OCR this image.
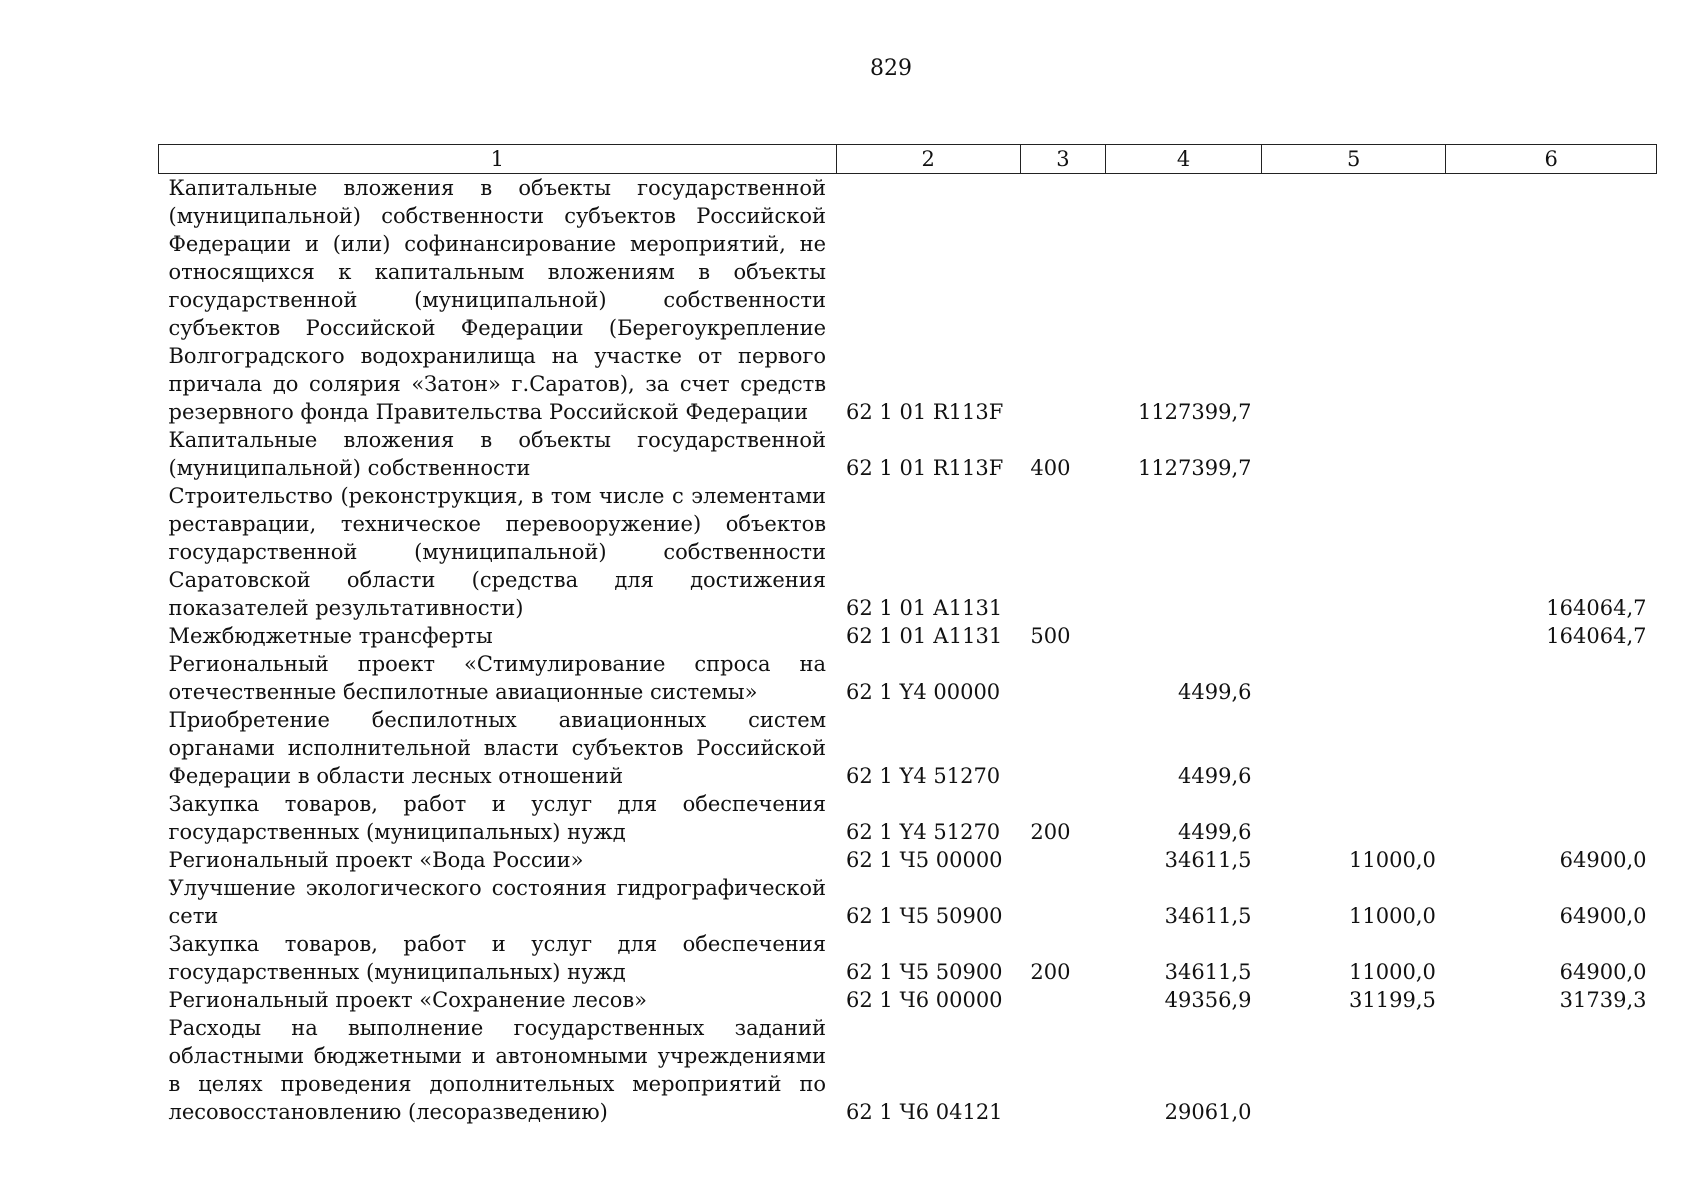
829
1	2	3	4	5	6
Капитальные вложения в объекты государственной (муниципальной) собственности субъектов Российской Федерации и (или) софинансирование мероприятий, не относящихся к капитальным вложениям в объекты государственной (муниципальной) собственности субъектов Российской Федерации (Берегоукрепление Волгоградского водохранилища на участке от первого причала до солярия «Затон» г.Саратов), за счет средств резервного фонда Правительства Российской Федерации	62 1 01 R113F		1127399,7		
Капитальные вложения в объекты государственной (муниципальной) собственности	62 1 01 R113F	400	1127399,7		
Строительство (реконструкция, в том числе с элементами реставрации, техническое перевооружение) объектов государственной (муниципальной) собственности Саратовской области (средства для достижения показателей результативности)	62 1 01 А1131				164064,7
Межбюджетные трансферты	62 1 01 А1131	500			164064,7
Региональный проект «Стимулирование спроса на отечественные беспилотные авиационные системы»	62 1 Y4 00000		4499,6		
Приобретение беспилотных авиационных систем органами исполнительной власти субъектов Российской Федерации в области лесных отношений	62 1 Y4 51270		4499,6		
Закупка товаров, работ и услуг для обеспечения государственных (муниципальных) нужд	62 1 Y4 51270	200	4499,6		
Региональный проект «Вода России»	62 1 Ч5 00000		34611,5	11000,0	64900,0
Улучшение экологического состояния гидрографической сети	62 1 Ч5 50900		34611,5	11000,0	64900,0
Закупка товаров, работ и услуг для обеспечения государственных (муниципальных) нужд	62 1 Ч5 50900	200	34611,5	11000,0	64900,0
Региональный проект «Сохранение лесов»	62 1 Ч6 00000		49356,9	31199,5	31739,3
Расходы на выполнение государственных заданий областными бюджетными и автономными учреждениями в целях проведения дополнительных мероприятий по лесовосстановлению (лесоразведению)	62 1 Ч6 04121		29061,0		
